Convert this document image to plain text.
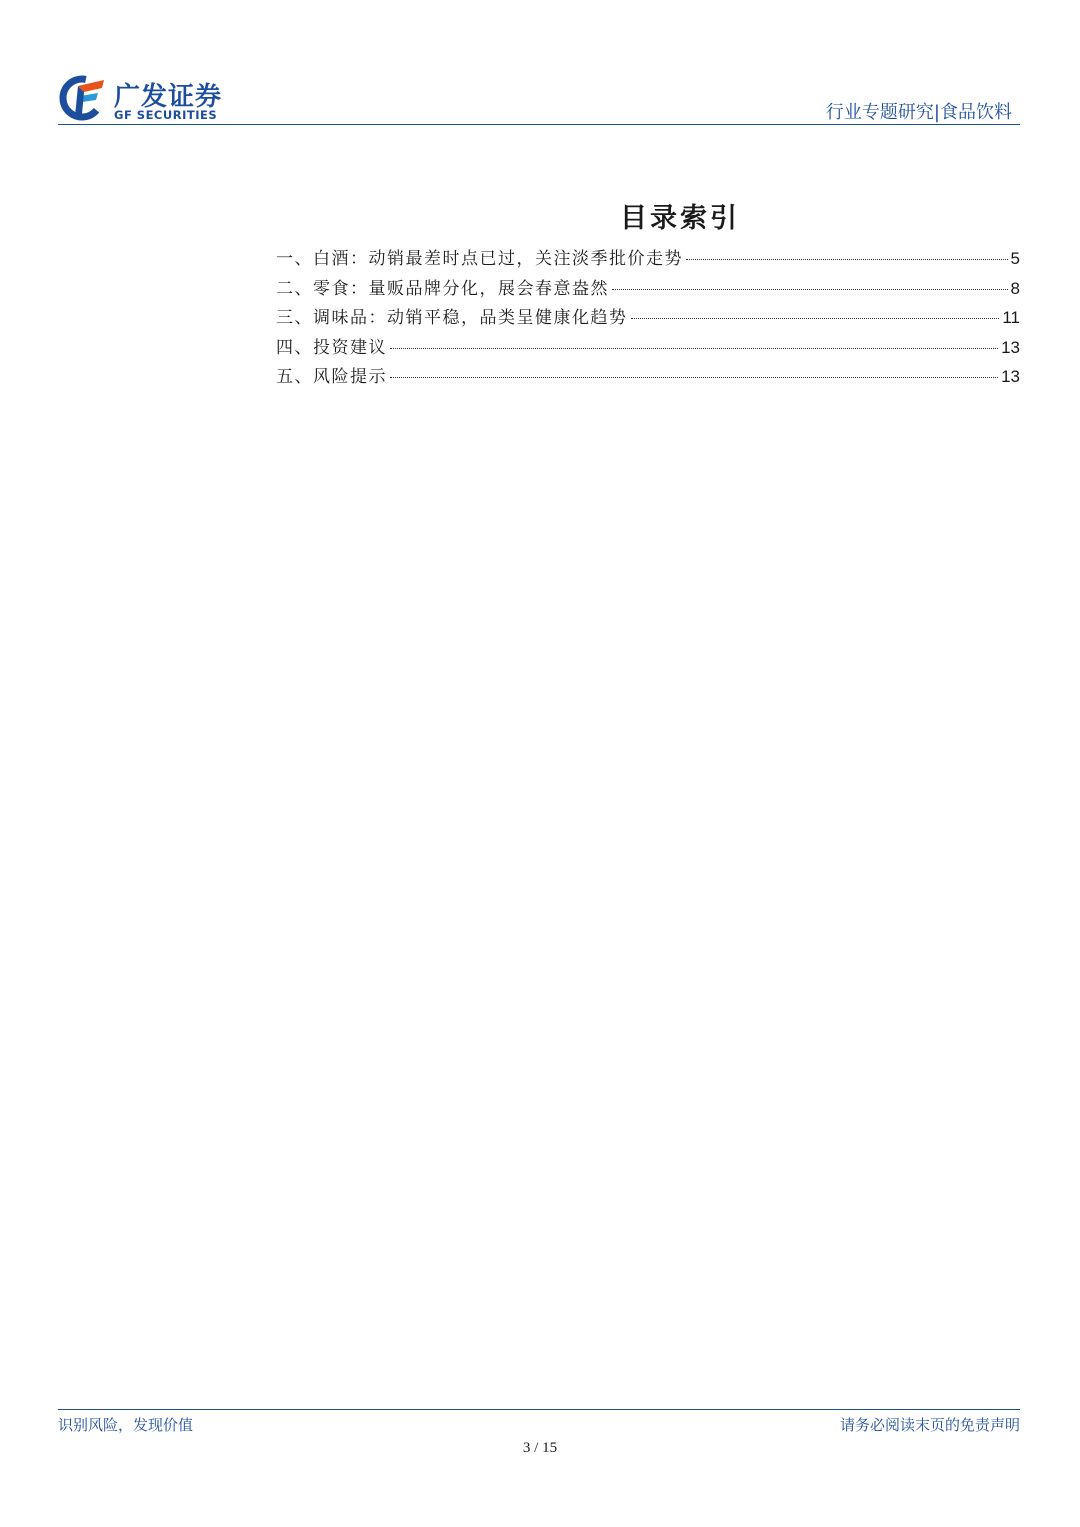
广发证券
GF SECURITIES	行业专题研究|食品饮料
目录索引
一、白酒：动销最差时点已过，关注淡季批价走势	5
二、零食：量贩品牌分化，展会春意盎然	8
三、调味品：动销平稳，品类呈健康化趋势	11
四、投资建议	13
五、风险提示	13
识别风险，发现价值	请务必阅读末页的免责声明
3 / 15
